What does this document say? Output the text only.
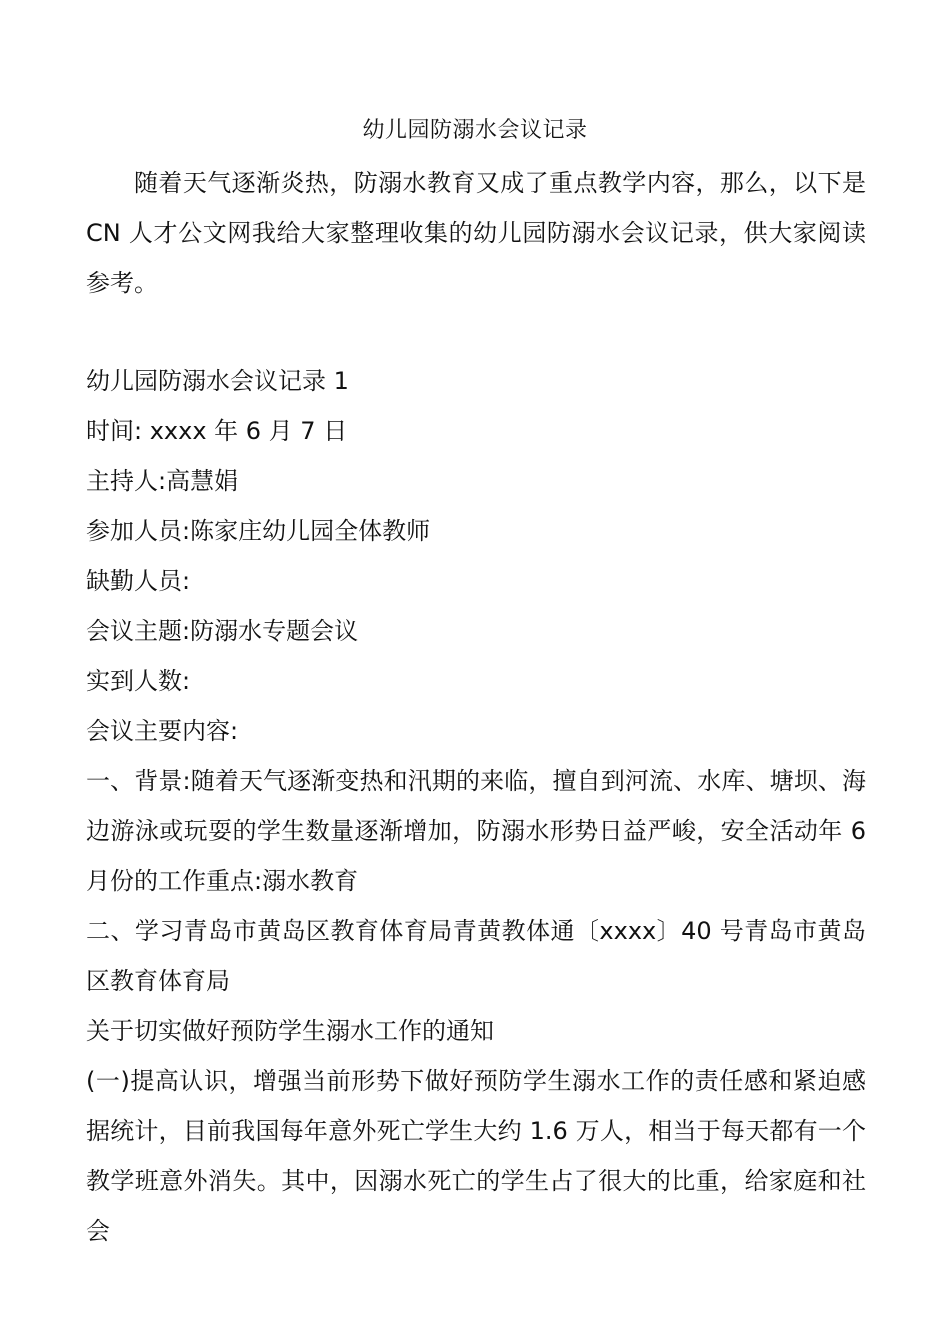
幼儿园防溺水会议记录

随着天气逐渐炎热，防溺水教育又成了重点教学内容，那么，以下是CN 人才公文网我给大家整理收集的幼儿园防溺水会议记录，供大家阅读参考。

幼儿园防溺水会议记录 1

时间: xxxx 年 6 月 7 日

主持人:高慧娟

参加人员:陈家庄幼儿园全体教师

缺勤人员:

会议主题:防溺水专题会议

实到人数:

会议主要内容:

一、背景:随着天气逐渐变热和汛期的来临，擅自到河流、水库、塘坝、海边游泳或玩耍的学生数量逐渐增加，防溺水形势日益严峻，安全活动年 6 月份的工作重点:溺水教育

二、学习青岛市黄岛区教育体育局青黄教体通〔xxxx〕40 号青岛市黄岛区教育体育局

关于切实做好预防学生溺水工作的通知

(一)提高认识，增强当前形势下做好预防学生溺水工作的责任感和紧迫感据统计，目前我国每年意外死亡学生大约 1.6 万人，相当于每天都有一个教学班意外消失。其中，因溺水死亡的学生占了很大的比重，给家庭和社会
